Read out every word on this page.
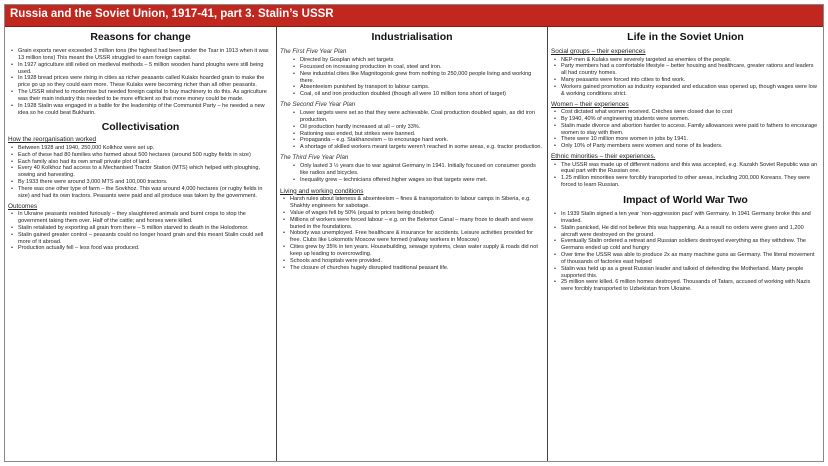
Russia and the Soviet Union, 1917-41, part 3. Stalin’s USSR
Reasons for change
• Grain exports never exceeded 3 million tons (the highest had been under the Tsar in 1913 when it was 13 million tons) This meant the USSR struggled to earn foreign capital.
• In 1927 agriculture still relied on medieval methods – 5 million wooden hand ploughs were still being used.
• In 1928 bread prices were rising in cities as richer peasants called Kulaks hoarded grain to make the price go up so they could earn more. These Kulaks were becoming richer than all other peasants.
• The USSR wished to modernise but needed foreign capital to buy machinery to do this. As agriculture was their main industry this needed to be more efficient so that more money could be made.
• In 1928 Stalin was engaged in a battle for the leadership of the Communist Party – he needed a new idea so he could beat Bukharin.
Collectivisation
How the reorganisation worked
• Between 1928 and 1940, 250,000 Kolkhoz were set up.
• Each of these had 80 families who farmed about 500 hectares (around 500 rugby fields in size)
• Each family also had its own small private plot of land.
• Every 40 Kolkhoz had access to a Mechanised Tractor Station (MTS) which helped with ploughing, sowing and harvesting.
• By 1933 there were around 3,000 MTS and 100,000 tractors.
• There was one other type of farm – the Sovkhoz. This was around 4,000 hectares (or rugby fields in size) and had its own tractors. Peasants were paid and all produce was taken by the government.
Outcomes
• In Ukraine peasants resisted furiously – they slaughtered animals and burnt crops to stop the government taking them over. Half of the cattle; and horses were killed.
• Stalin retaliated by exporting all grain from there – 5 million starved to death in the Holodomor.
• Stalin gained greater control – peasants could no longer hoard grain and this meant Stalin could sell more of it abroad.
• Production actually fell – less food was produced.
Industrialisation
The First Five Year Plan
• Directed by Gosplan which set targets
• Focussed on increasing production in coal, steel and iron.
• New industrial cities like Magnitogorsk grew from nothing to 250,000 people living and working there.
• Absenteeism punished by transport to labour camps.
• Coal, oil and iron production doubled (though all were 10 million tons short of target)
The Second Five Year Plan
• Lower targets were set so that they were achievable. Coal production doubled again, as did iron production.
• Oil production hardly increased at all – only 33%.
• Rationing was ended, but strikes were banned.
• Propaganda – e.g. Stakhanovism – to encourage hard work.
• A shortage of skilled workers meant targets weren’t reached in some areas, e.g. tractor production.
The Third Five Year Plan
• Only lasted 3 ½ years due to war against Germany in 1941. Initially focused on consumer goods like radios and bicycles.
• Inequality grew – technicians offered higher wages so that targets were met.
Living and working conditions
• Harsh rules about lateness & absenteeism – fines & transportation to labour camps in Siberia, e.g. Shakhty engineers for sabotage.
• Value of wages fell by 50% (equal to prices being doubled)
• Millions of workers were forced labour – e.g. on the Belomor Canal – many froze to death and were buried in the foundations.
• Nobody was unemployed. Free healthcare & insurance for accidents. Leisure activities provided for free. Clubs like Lokomotiv Moscow were formed (railway workers in Moscow)
• Cities grew by 35% in ten years. Housebuilding, sewage systems, clean water supply & roads did not keep up leading to overcrowding.
• Schools and hospitals were provided.
• The closure of churches hugely disrupted traditional peasant life.
Life in the Soviet Union
Social groups – their experiences
• NEP-men & Kulaks were severely targeted as enemies of the people.
• Party members had a comfortable lifestyle – better housing and healthcare, greater rations and leaders all had country homes.
• Many peasants were forced into cities to find work.
• Workers gained promotion as industry expanded and education was opened up, though wages were low & working conditions strict.
Women – their experiences
• Cost dictated what women received. Crèches were closed due to cost
• By 1940, 40% of engineering students were women.
• Stalin made divorce and abortion harder to access. Family allowances were paid to fathers to encourage women to stay with them.
• There were 10 million more women in jobs by 1941.
• Only 10% of Party members were women and none of its leaders.
Ethnic minorities – their experiences.
• The USSR was made up of different nations and this was accepted, e.g. Kazakh Soviet Republic was an equal part with the Russian one.
• 1.25 million minorities were forcibly transported to other areas, including 200,000 Koreans. They were forced to learn Russian.
Impact of World War Two
• In 1939 Stalin signed a ten year ‘non-aggression pact’ with Germany. In 1941 Germany broke this and invaded.
• Stalin panicked, He did not believe this was happening. As a result no orders were given and 1,200 aircraft were destroyed on the ground.
• Eventually Stalin ordered a retreat and Russian soldiers destroyed everything as they withdrew. The Germans ended up cold and hungry
• Over time the USSR was able to produce 2x as many machine guns as Germany. The literal movement of thousands of factories east helped
• Stalin was held up as a great Russian leader and talked of defending the Motherland. Many people supported this.
• 25 million were killed. 6 million homes destroyed. Thousands of Tatars, accused of working with Nazis were forcibly transported to Uzbekistan from Ukraine.
